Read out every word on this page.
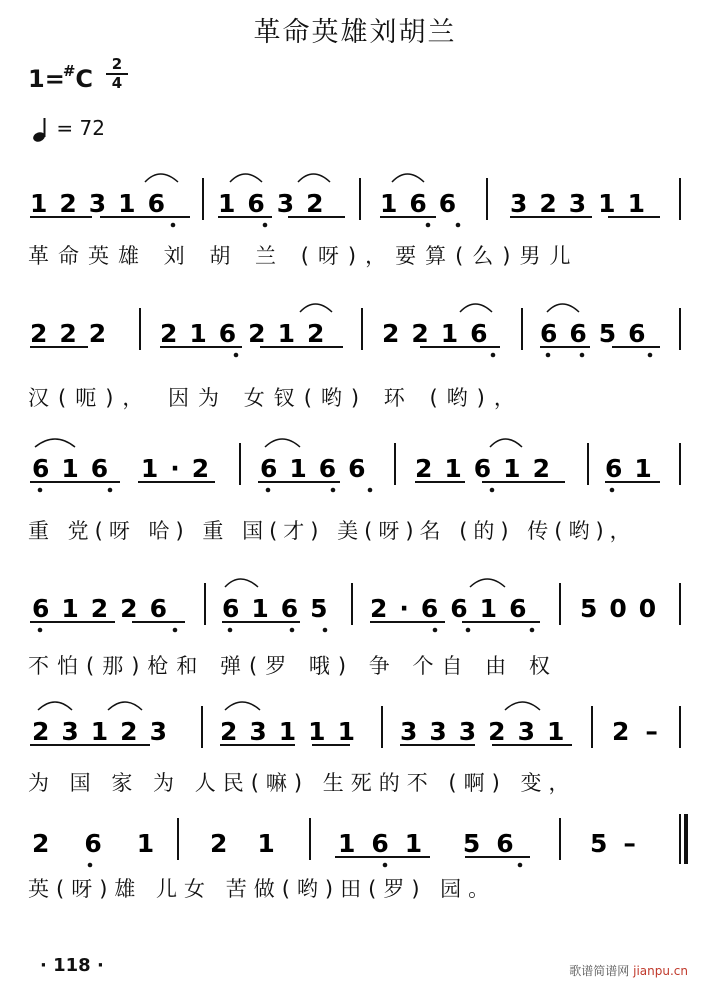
革命英雄刘胡兰
1=#C
2
4
= 72
12316 1632 166 32311
革命英雄 刘 胡 兰 (呀)，要算(么)男儿
222 216212 2216 6656
汉(呃)， 因为 女钗(哟) 环 (哟)，
616 1·2 6166 21612 61
重 党(呀 哈) 重 国(才) 美(呀)名 (的) 传(哟)，
61226 6165 2·6616 500
不怕(那)枪和 弹(罗 哦) 争 个自 由 权
23123 23111 333231 2–
为 国 家 为 人民(嘛) 生死的不 (啊) 变，
261 21 161 56 5–
英(呀)雄 儿女 苦做(哟)田(罗) 园。
· 118 ·	歌谱简谱网 jianpu.cn
